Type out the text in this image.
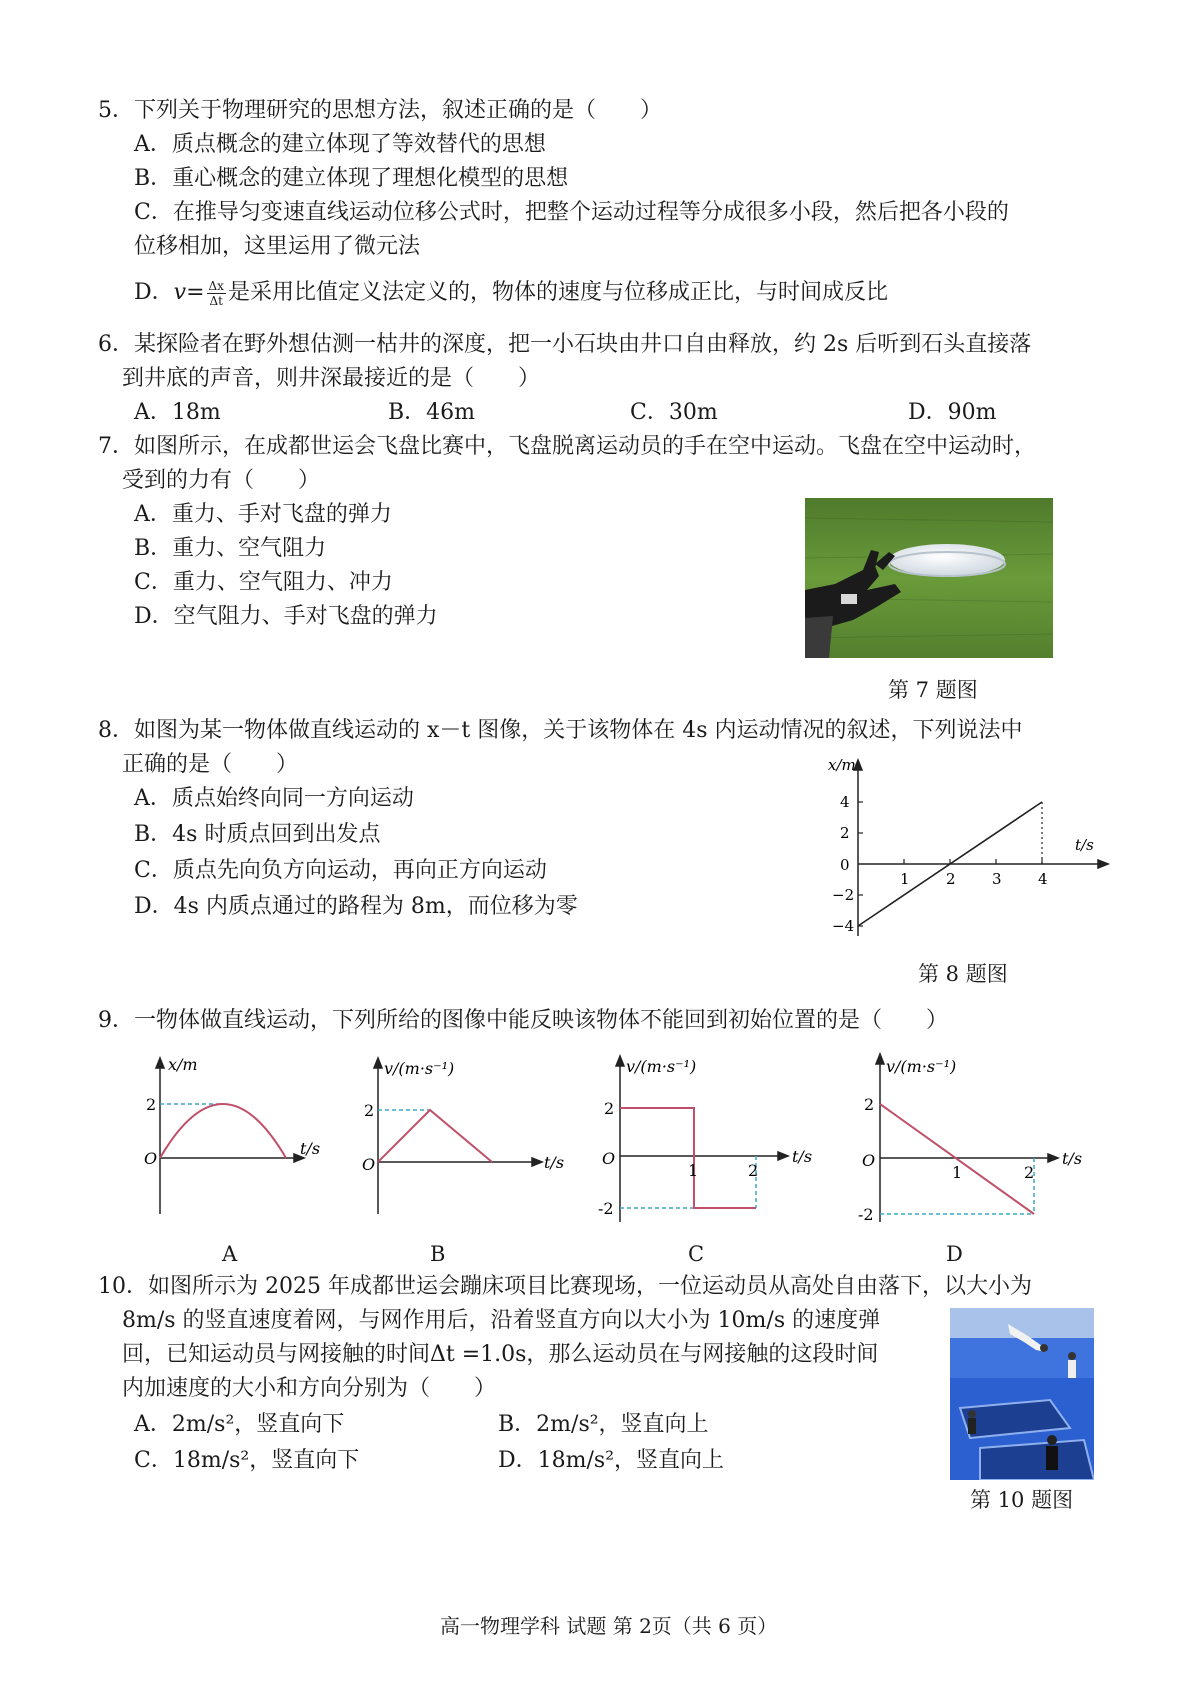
5．下列关于物理研究的思想方法，叙述正确的是（　　）
A．质点概念的建立体现了等效替代的思想
B．重心概念的建立体现了理想化模型的思想
C．在推导匀变速直线运动位移公式时，把整个运动过程等分成很多小段，然后把各小段的
位移相加，这里运用了微元法
D．$v= \frac{\Delta x}{\Delta t}$ 是采用比值定义法定义的，物体的速度与位移成正比，与时间成反比
6．某探险者在野外想估测一枯井的深度，把一小石块由井口自由释放，约 2s 后听到石头直接落
到井底的声音，则井深最接近的是（　　）
A．18m	B．46m	C．30m	D．90m
7．如图所示，在成都世运会飞盘比赛中，飞盘脱离运动员的手在空中运动。飞盘在空中运动时，
受到的力有（　　）
A．重力、手对飞盘的弹力
B．重力、空气阻力
C．重力、空气阻力、冲力
D．空气阻力、手对飞盘的弹力
第 7 题图
8．如图为某一物体做直线运动的 x－t 图像，关于该物体在 4s 内运动情况的叙述，下列说法中
正确的是（　　）
A．质点始终向同一方向运动
B．4s 时质点回到出发点
C．质点先向负方向运动，再向正方向运动
D．4s 内质点通过的路程为 8m，而位移为零
1 2 3 4
−4
−2
2
4
x/m
t/s
0
第 8 题图
9．一物体做直线运动，下列所给的图像中能反映该物体不能回到初始位置的是（　　）
x/m
t/s
O
2
A
v/(m·s⁻¹)
t/s
O
2
B
v/(m·s⁻¹)
t/s
O
2
-2
1	2
C
v/(m·s⁻¹)
t/s
O
2
-2
1	2
D
10．如图所示为 2025 年成都世运会蹦床项目比赛现场，一位运动员从高处自由落下，以大小为
8m/s 的竖直速度着网，与网作用后，沿着竖直方向以大小为 10m/s 的速度弹
回，已知运动员与网接触的时间Δt =1.0s，那么运动员在与网接触的这段时间
内加速度的大小和方向分别为（　　）
A．2m/s²，竖直向下	B．2m/s²，竖直向上
C．18m/s²，竖直向下	D．18m/s²，竖直向上
第 10 题图
高一物理学科 试题 第 2页（共 6 页）
